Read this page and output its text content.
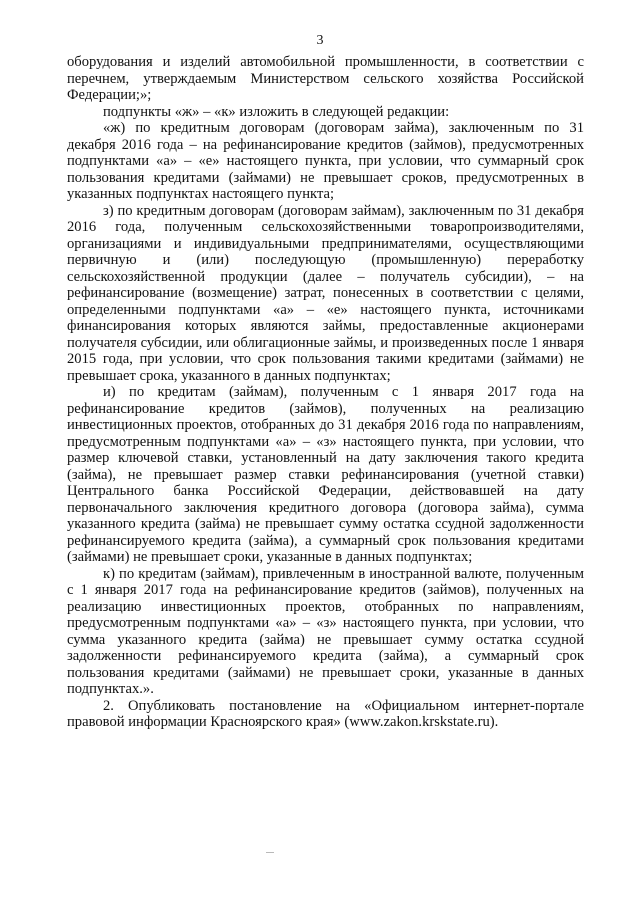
3

оборудования и изделий автомобильной промышленности, в соответствии с перечнем, утверждаемым Министерством сельского хозяйства Российской Федерации;»;

подпункты «ж» – «к» изложить в следующей редакции:

«ж) по кредитным договорам (договорам займа), заключенным по 31 декабря 2016 года – на рефинансирование кредитов (займов), предусмотренных подпунктами «а» – «е» настоящего пункта, при условии, что суммарный срок пользования кредитами (займами) не превышает сроков, предусмотренных в указанных подпунктах настоящего пункта;

з) по кредитным договорам (договорам займам), заключенным по 31 декабря 2016 года, полученным сельскохозяйственными товаропроизводителями, организациями и индивидуальными предпринимателями, осуществляющими первичную и (или) последующую (промышленную) переработку сельскохозяйственной продукции (далее – получатель субсидии), – на рефинансирование (возмещение) затрат, понесенных в соответствии с целями, определенными подпунктами «а» – «е» настоящего пункта, источниками финансирования которых являются займы, предоставленные акционерами получателя субсидии, или облигационные займы, и произведенных после 1 января 2015 года, при условии, что срок пользования такими кредитами (займами) не превышает срока, указанного в данных подпунктах;

и) по кредитам (займам), полученным с 1 января 2017 года на рефинансирование кредитов (займов), полученных на реализацию инвестиционных проектов, отобранных до 31 декабря 2016 года по направлениям, предусмотренным подпунктами «а» – «з» настоящего пункта, при условии, что размер ключевой ставки, установленный на дату заключения такого кредита (займа), не превышает размер ставки рефинансирования (учетной ставки) Центрального банка Российской Федерации, действовавшей на дату первоначального заключения кредитного договора (договора займа), сумма указанного кредита (займа) не превышает сумму остатка ссудной задолженности рефинансируемого кредита (займа), а суммарный срок пользования кредитами (займами) не превышает сроки, указанные в данных подпунктах;

к) по кредитам (займам), привлеченным в иностранной валюте, полученным с 1 января 2017 года на рефинансирование кредитов (займов), полученных на реализацию инвестиционных проектов, отобранных по направлениям, предусмотренным подпунктами «а» – «з» настоящего пункта, при условии, что сумма указанного кредита (займа) не превышает сумму остатка ссудной задолженности рефинансируемого кредита (займа), а суммарный срок пользования кредитами (займами) не превышает сроки, указанные в данных подпунктах.».

2. Опубликовать постановление на «Официальном интернет-портале правовой информации Красноярского края» (www.zakon.krskstate.ru).
